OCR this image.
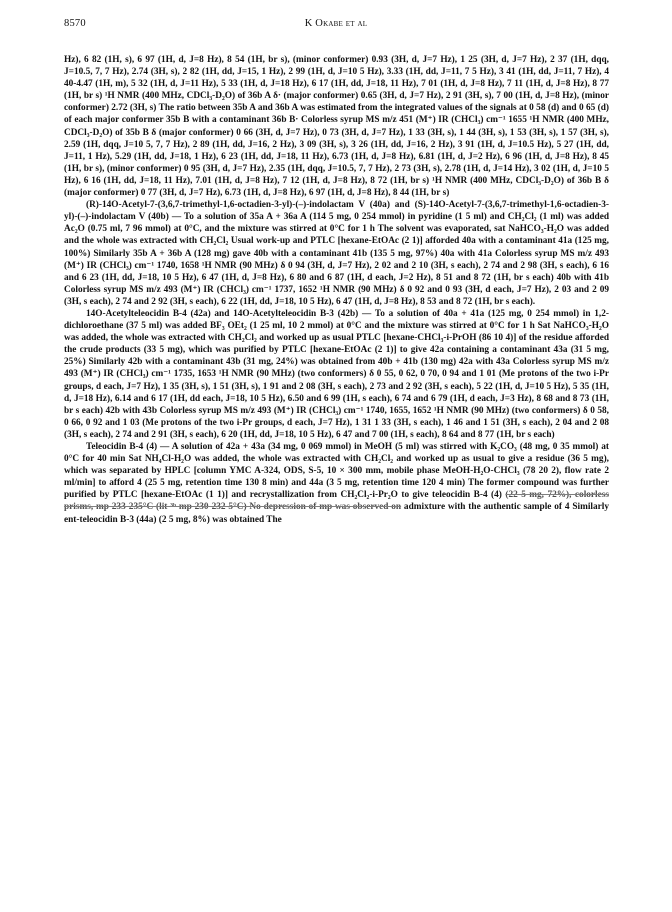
8570	K Okabe et al

Hz), 6 82 (1H, s), 6 97 (1H, d, J=8 Hz), 8 54 (1H, br s), (minor conformer) 0.93 (3H, d, J=7 Hz), 1 25 (3H, d, J=7 Hz), 2 37 (1H, dqq, J=10.5, 7, 7 Hz), 2.74 (3H, s), 2 82 (1H, dd, J=15, 1 Hz), 2 99 (1H, d, J=10 5 Hz), 3.33 (1H, dd, J=11, 7 5 Hz), 3 41 (1H, dd, J=11, 7 Hz), 4 40-4.47 (1H, m), 5 32 (1H, d, J=11 Hz), 5 33 (1H, d, J=18 Hz), 6 17 (1H, dd, J=18, 11 Hz), 7 01 (1H, d, J=8 Hz), 7 11 (1H, d, J=8 Hz), 8 77 (1H, br s) ¹H NMR (400 MHz, CDCl₃-D₂O) of 36b A δ· (major conformer) 0.65 (3H, d, J=7 Hz), 2 91 (3H, s), 7 00 (1H, d, J=8 Hz), (minor conformer) 2.72 (3H, s) The ratio between 35b A and 36b A was estimated from the integrated values of the signals at 0 58 (d) and 0 65 (d) of each major conformer 35b B with a contaminant 36b B· Colorless syrup MS m/z 451 (M⁺) IR (CHCl₃) cm⁻¹ 1655 ¹H NMR (400 MHz, CDCl₃-D₂O) of 35b B δ (major conformer) 0 66 (3H, d, J=7 Hz), 0 73 (3H, d, J=7 Hz), 1 33 (3H, s), 1 44 (3H, s), 1 53 (3H, s), 1 57 (3H, s), 2.59 (1H, dqq, J=10 5, 7, 7 Hz), 2 89 (1H, dd, J=16, 2 Hz), 3 09 (3H, s), 3 26 (1H, dd, J=16, 2 Hz), 3 91 (1H, d, J=10.5 Hz), 5 27 (1H, dd, J=11, 1 Hz), 5.29 (1H, dd, J=18, 1 Hz), 6 23 (1H, dd, J=18, 11 Hz), 6.73 (1H, d, J=8 Hz), 6.81 (1H, d, J=2 Hz), 6 96 (1H, d, J=8 Hz), 8 45 (1H, br s), (minor conformer) 0 95 (3H, d, J=7 Hz), 2.35 (1H, dqq, J=10.5, 7, 7 Hz), 2 73 (3H, s), 2.78 (1H, d, J=14 Hz), 3 02 (1H, d, J=10 5 Hz), 6 16 (1H, dd, J=18, 11 Hz), 7.01 (1H, d, J=8 Hz), 7 12 (1H, d, J=8 Hz), 8 72 (1H, br s) ¹H NMR (400 MHz, CDCl₃-D₂O) of 36b B δ (major conformer) 0 77 (3H, d, J=7 Hz), 6.73 (1H, d, J=8 Hz), 6 97 (1H, d, J=8 Hz), 8 44 (1H, br s)

(R)-14O-Acetyl-7-(3,6,7-trimethyl-1,6-octadien-3-yl)-(–)-indolactam V (40a) and (S)-14O-Acetyl-7-(3,6,7-trimethyl-1,6-octadien-3-yl)-(–)-indolactam V (40b) — To a solution of 35a A + 36a A (114 5 mg, 0 254 mmol) in pyridine (1 5 ml) and CH₂Cl₂ (1 ml) was added Ac₂O (0.75 ml, 7 96 mmol) at 0°C, and the mixture was stirred at 0°C for 1 h The solvent was evaporated, sat NaHCO₃-H₂O was added and the whole was extracted with CH₂Cl₂ Usual work-up and PTLC [hexane-EtOAc (2 1)] afforded 40a with a contaminant 41a (125 mg, 100%) Similarly 35b A + 36b A (128 mg) gave 40b with a contaminant 41b (135 5 mg, 97%) 40a with 41a Colorless syrup MS m/z 493 (M⁺) IR (CHCl₃) cm⁻¹ 1740, 1658 ¹H NMR (90 MHz) δ 0 94 (3H, d, J=7 Hz), 2 02 and 2 10 (3H, s each), 2 74 and 2 98 (3H, s each), 6 16 and 6 23 (1H, dd, J=18, 10 5 Hz), 6 47 (1H, d, J=8 Hz), 6 80 and 6 87 (1H, d each, J=2 Hz), 8 51 and 8 72 (1H, br s each) 40b with 41b Colorless syrup MS m/z 493 (M⁺) IR (CHCl₃) cm⁻¹ 1737, 1652 ¹H NMR (90 MHz) δ 0 92 and 0 93 (3H, d each, J=7 Hz), 2 03 and 2 09 (3H, s each), 2 74 and 2 92 (3H, s each), 6 22 (1H, dd, J=18, 10 5 Hz), 6 47 (1H, d, J=8 Hz), 8 53 and 8 72 (1H, br s each).

14O-Acetylteleocidin B-4 (42a) and 14O-Acetylteleocidin B-3 (42b) — To a solution of 40a + 41a (125 mg, 0 254 mmol) in 1,2-dichloroethane (37 5 ml) was added BF₃ OEt₂ (1 25 ml, 10 2 mmol) at 0°C and the mixture was stirred at 0°C for 1 h Sat NaHCO₃-H₂O was added, the whole was extracted with CH₂Cl₂ and worked up as usual PTLC [hexane-CHCl₃-i-PrOH (86 10 4)] of the residue afforded the crude products (33 5 mg), which was purified by PTLC [hexane-EtOAc (2 1)] to give 42a containing a contaminant 43a (31 5 mg, 25%) Similarly 42b with a contaminant 43b (31 mg, 24%) was obtained from 40b + 41b (130 mg) 42a with 43a Colorless syrup MS m/z 493 (M⁺) IR (CHCl₃) cm⁻¹ 1735, 1653 ¹H NMR (90 MHz) (two conformers) δ 0 55, 0 62, 0 70, 0 94 and 1 01 (Me protons of the two i-Pr groups, d each, J=7 Hz), 1 35 (3H, s), 1 51 (3H, s), 1 91 and 2 08 (3H, s each), 2 73 and 2 92 (3H, s each), 5 22 (1H, d, J=10 5 Hz), 5 35 (1H, d, J=18 Hz), 6.14 and 6 17 (1H, dd each, J=18, 10 5 Hz), 6.50 and 6 99 (1H, s each), 6 74 and 6 79 (1H, d each, J=3 Hz), 8 68 and 8 73 (1H, br s each) 42b with 43b Colorless syrup MS m/z 493 (M⁺) IR (CHCl₃) cm⁻¹ 1740, 1655, 1652 ¹H NMR (90 MHz) (two conformers) δ 0 58, 0 66, 0 92 and 1 03 (Me protons of the two i-Pr groups, d each, J=7 Hz), 1 31 1 33 (3H, s each), 1 46 and 1 51 (3H, s each), 2 04 and 2 08 (3H, s each), 2 74 and 2 91 (3H, s each), 6 20 (1H, dd, J=18, 10 5 Hz), 6 47 and 7 00 (1H, s each), 8 64 and 8 77 (1H, br s each)

Teleocidin B-4 (4) — A solution of 42a + 43a (34 mg, 0 069 mmol) in MeOH (5 ml) was stirred with K₂CO₃ (48 mg, 0 35 mmol) at 0°C for 40 min Sat NH₄Cl-H₂O was added, the whole was extracted with CH₂Cl₂ and worked up as usual to give a residue (36 5 mg), which was separated by HPLC [column YMC A-324, ODS, S-5, 10 × 300 mm, mobile phase MeOH-H₂O-CHCl₃ (78 20 2), flow rate 2 ml/min] to afford 4 (25 5 mg, retention time 130 8 min) and 44a (3 5 mg, retention time 120 4 min) The former compound was further purified by PTLC [hexane-EtOAc (1 1)] and recrystallization from CH₂Cl₂-i-Pr₂O to give teleocidin B-4 (4) (22 5 mg, 72%), colorless prisms, mp 233-235°C (lit ³ᵇ mp 230-232 5°C) No depression of mp was observed on admixture with the authentic sample of 4 Similarly ent-teleocidin B-3 (44a) (2 5 mg, 8%) was obtained The
